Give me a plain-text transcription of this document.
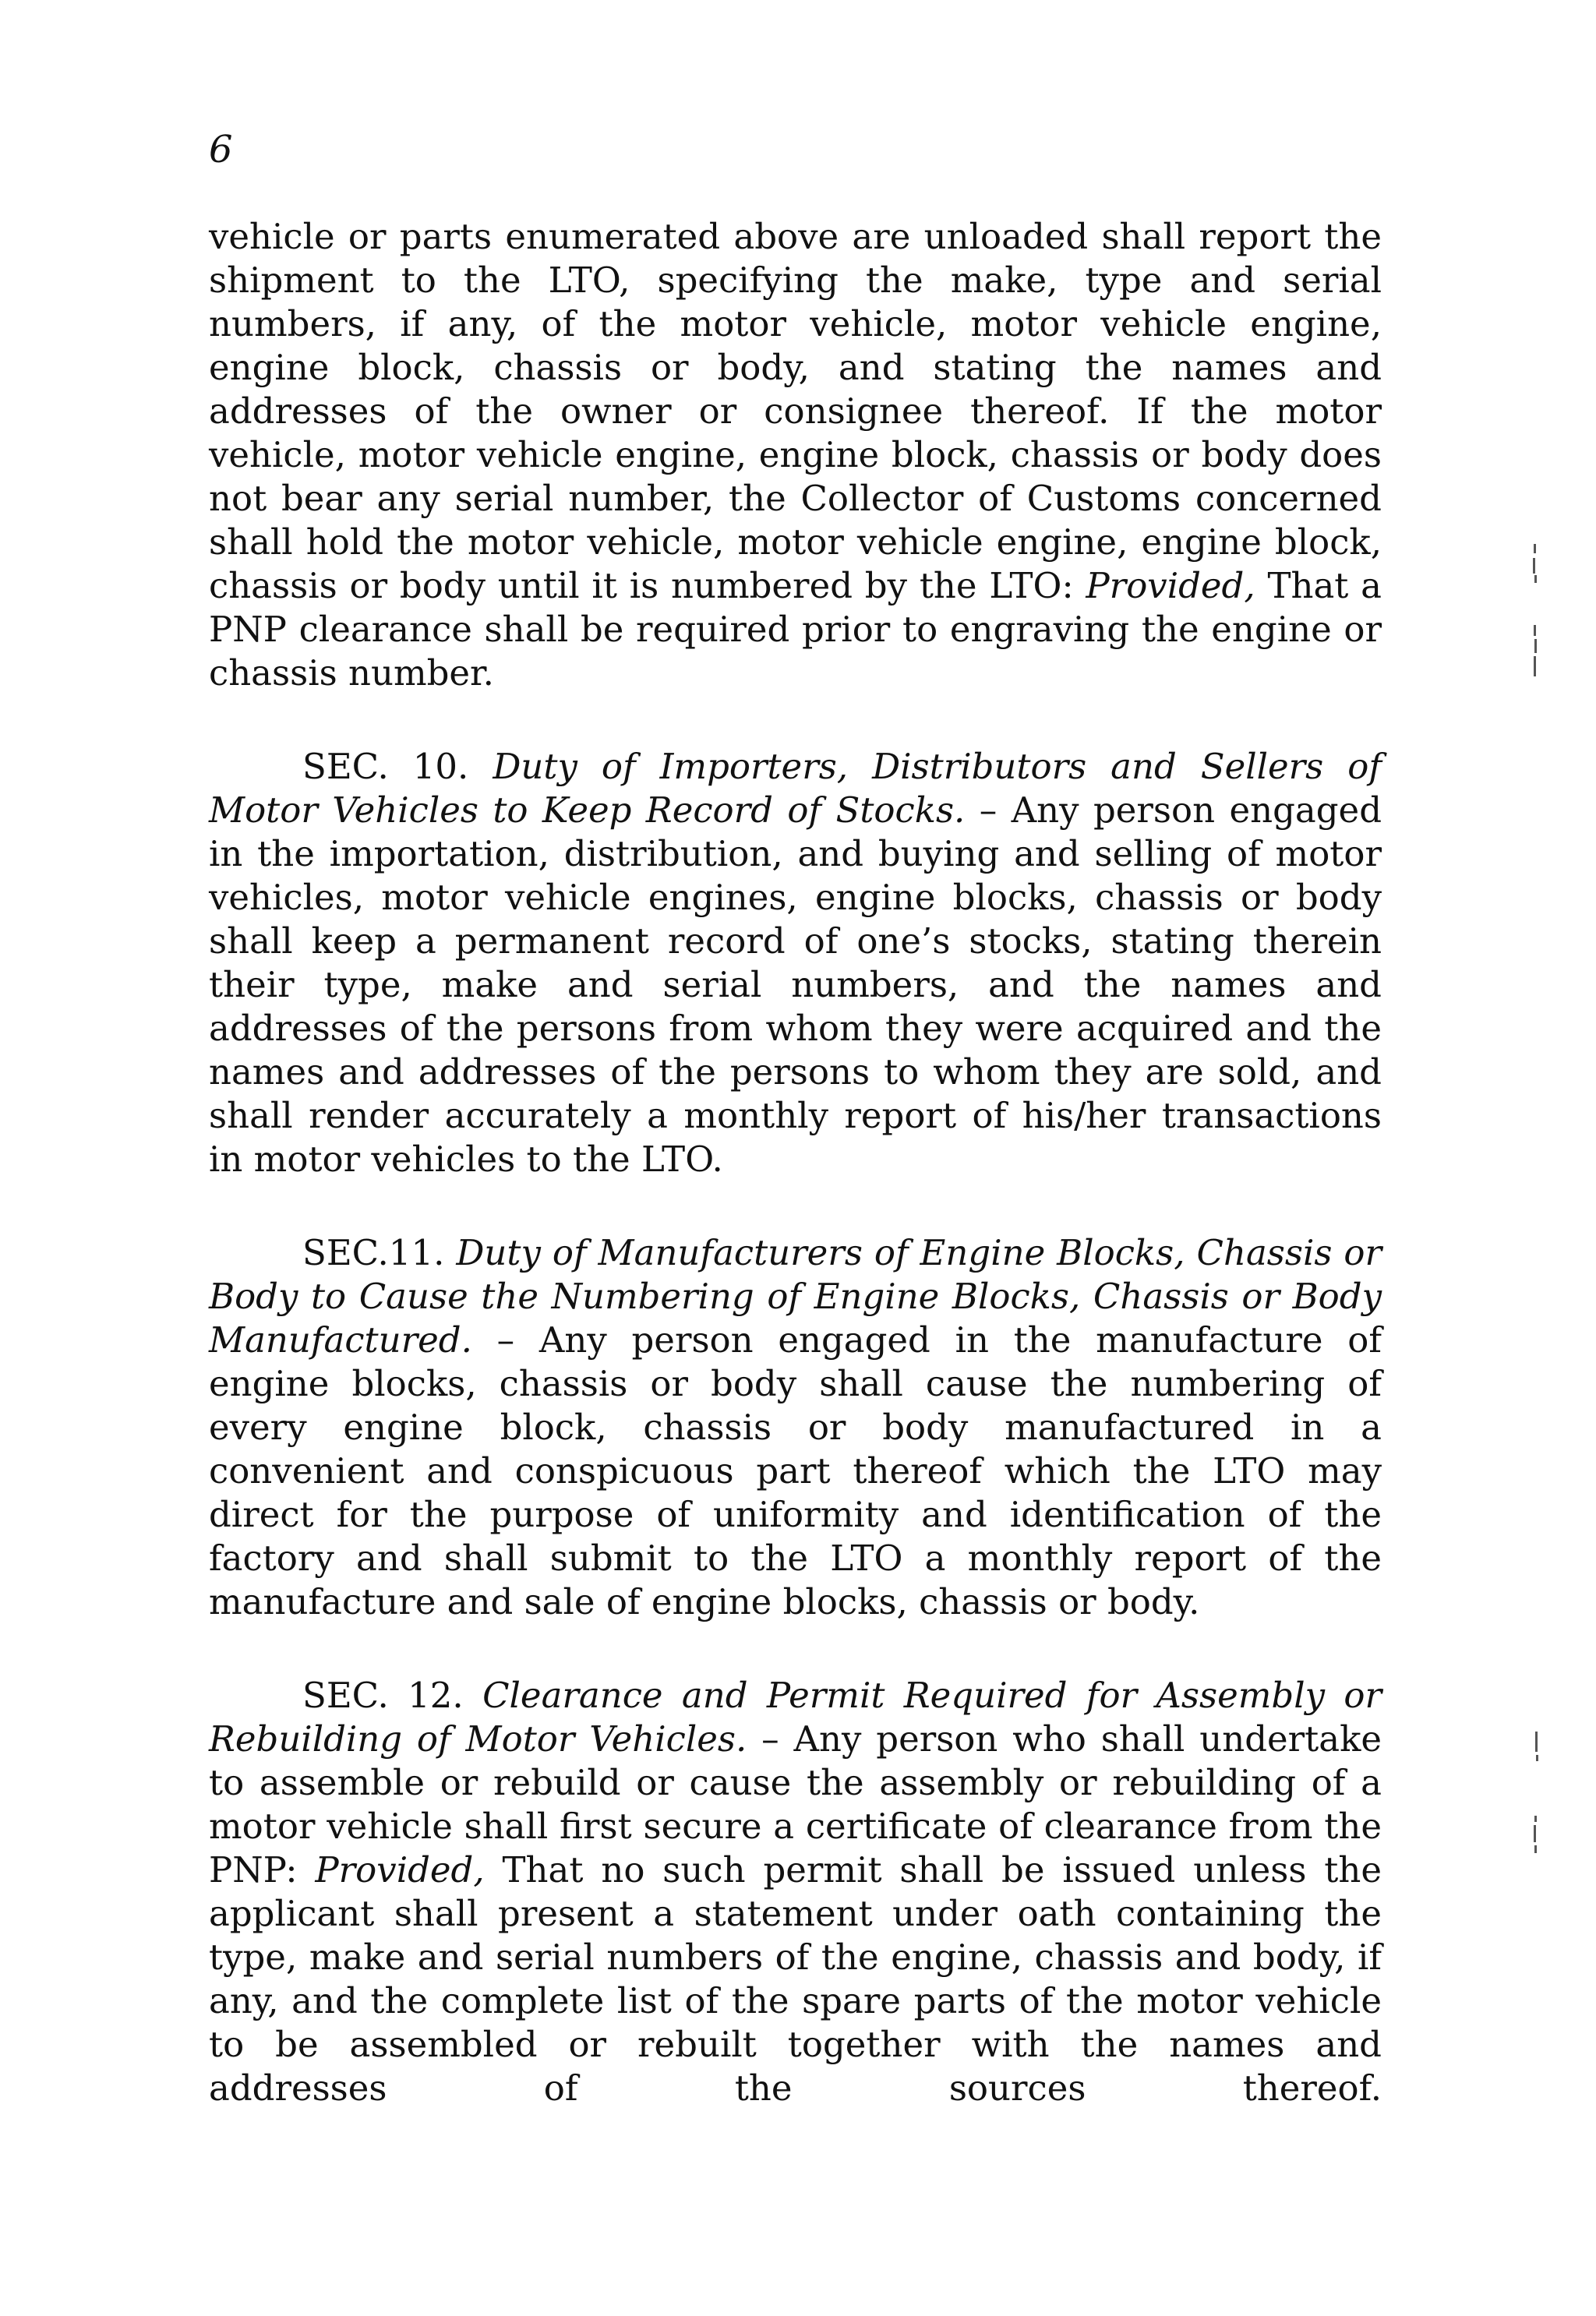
6

vehicle or parts enumerated above are unloaded shall report the shipment to the LTO, specifying the make, type and serial numbers, if any, of the motor vehicle, motor vehicle engine, engine block, chassis or body, and stating the names and addresses of the owner or consignee thereof. If the motor vehicle, motor vehicle engine, engine block, chassis or body does not bear any serial number, the Collector of Customs concerned shall hold the motor vehicle, motor vehicle engine, engine block, chassis or body until it is numbered by the LTO: Provided, That a PNP clearance shall be required prior to engraving the engine or chassis number.

SEC. 10. Duty of Importers, Distributors and Sellers of Motor Vehicles to Keep Record of Stocks. – Any person engaged in the importation, distribution, and buying and selling of motor vehicles, motor vehicle engines, engine blocks, chassis or body shall keep a permanent record of one’s stocks, stating therein their type, make and serial numbers, and the names and addresses of the persons from whom they were acquired and the names and addresses of the persons to whom they are sold, and shall render accurately a monthly report of his/her transactions in motor vehicles to the LTO.

SEC.11. Duty of Manufacturers of Engine Blocks, Chassis or Body to Cause the Numbering of Engine Blocks, Chassis or Body Manufactured. – Any person engaged in the manufacture of engine blocks, chassis or body shall cause the numbering of every engine block, chassis or body manufactured in a convenient and conspicuous part thereof which the LTO may direct for the purpose of uniformity and identification of the factory and shall submit to the LTO a monthly report of the manufacture and sale of engine blocks, chassis or body.

SEC. 12. Clearance and Permit Required for Assembly or Rebuilding of Motor Vehicles. – Any person who shall undertake to assemble or rebuild or cause the assembly or rebuilding of a motor vehicle shall first secure a certificate of clearance from the PNP: Provided, That no such permit shall be issued unless the applicant shall present a statement under oath containing the type, make and serial numbers of the engine, chassis and body, if any, and the complete list of the spare parts of the motor vehicle to be assembled or rebuilt together with the names and addresses of the sources thereof.
